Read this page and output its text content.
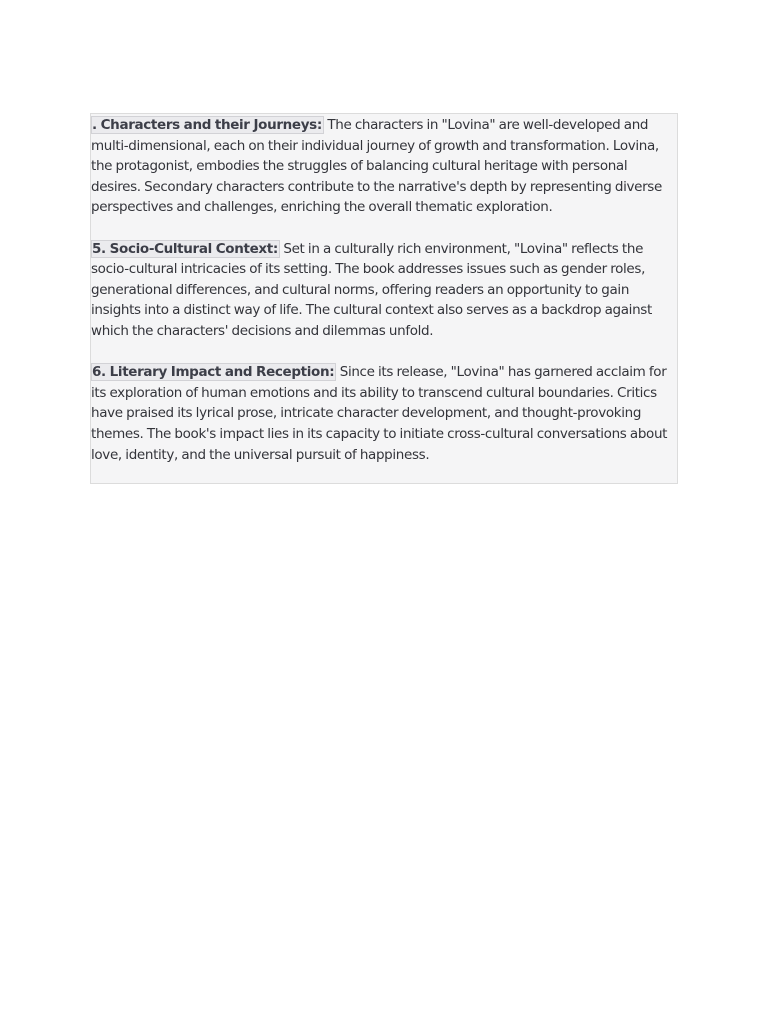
. Characters and their Journeys: The characters in "Lovina" are well-developed and multi-dimensional, each on their individual journey of growth and transformation. Lovina, the protagonist, embodies the struggles of balancing cultural heritage with personal desires. Secondary characters contribute to the narrative's depth by representing diverse perspectives and challenges, enriching the overall thematic exploration.

5. Socio-Cultural Context: Set in a culturally rich environment, "Lovina" reflects the socio-cultural intricacies of its setting. The book addresses issues such as gender roles, generational differences, and cultural norms, offering readers an opportunity to gain insights into a distinct way of life. The cultural context also serves as a backdrop against which the characters' decisions and dilemmas unfold.

6. Literary Impact and Reception: Since its release, "Lovina" has garnered acclaim for its exploration of human emotions and its ability to transcend cultural boundaries. Critics have praised its lyrical prose, intricate character development, and thought-provoking themes. The book's impact lies in its capacity to initiate cross-cultural conversations about love, identity, and the universal pursuit of happiness.
